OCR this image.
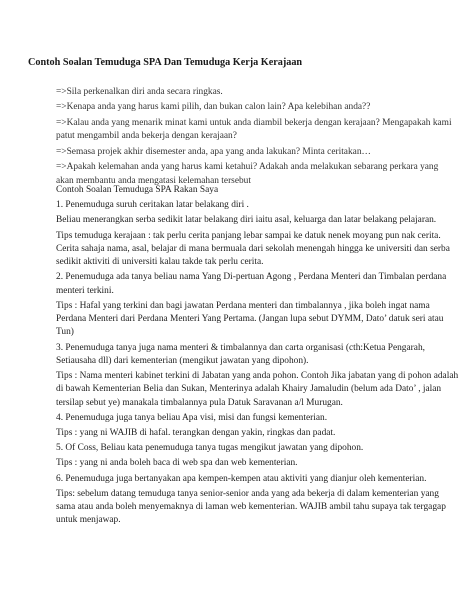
Contoh Soalan Temuduga SPA Dan Temuduga Kerja Kerajaan
=>Sila perkenalkan diri anda secara ringkas.
=>Kenapa anda yang harus kami pilih, dan bukan calon lain? Apa kelebihan anda??
=>Kalau anda yang menarik minat kami untuk anda diambil bekerja dengan kerajaan? Mengapakah kami patut mengambil anda bekerja dengan kerajaan?
=>Semasa projek akhir disemester anda, apa yang anda lakukan? Minta ceritakan…
=>Apakah kelemahan anda yang harus kami ketahui? Adakah anda melakukan sebarang perkara yang akan membantu anda mengatasi kelemahan tersebut

Contoh Soalan Temuduga SPA Rakan Saya

1. Penemuduga suruh ceritakan latar belakang diri .

Beliau menerangkan serba sedikit latar belakang diri iaitu asal, keluarga dan latar belakang pelajaran.

Tips temuduga kerajaan : tak perlu cerita panjang lebar sampai ke datuk nenek moyang pun nak cerita. Cerita sahaja nama, asal, belajar di mana bermuala dari sekolah menengah hingga ke universiti dan serba sedikit aktiviti di universiti kalau takde tak perlu cerita.

2. Penemuduga ada tanya beliau nama Yang Di-pertuan Agong , Perdana Menteri dan Timbalan perdana menteri terkini.

Tips : Hafal yang terkini dan bagi jawatan Perdana menteri dan timbalannya , jika boleh ingat nama Perdana Menteri dari Perdana Menteri Yang Pertama. (Jangan lupa sebut DYMM, Dato’ datuk seri atau Tun)

3. Penemuduga tanya juga nama menteri & timbalannya dan carta organisasi (cth:Ketua Pengarah, Setiausaha dll) dari kementerian (mengikut jawatan yang dipohon).

Tips : Nama menteri kabinet terkini di Jabatan yang anda pohon. Contoh Jika jabatan yang di pohon adalah di bawah Kementerian Belia dan Sukan, Menterinya adalah Khairy Jamaludin (belum ada Dato’ , jalan tersilap sebut ye) manakala timbalannya pula Datuk Saravanan a/l Murugan.

4. Penemuduga juga tanya beliau Apa visi, misi dan fungsi kementerian.

Tips : yang ni WAJIB di hafal. terangkan dengan yakin, ringkas dan padat.

5. Of Coss, Beliau kata penemuduga tanya tugas mengikut jawatan yang dipohon.

Tips : yang ni anda boleh baca di web spa dan web kementerian.

6. Penemuduga juga bertanyakan apa kempen-kempen atau aktiviti yang dianjur oleh kementerian.

Tips: sebelum datang temuduga tanya senior-senior anda yang ada bekerja di dalam kementerian yang sama atau anda boleh menyemaknya di laman web kementerian. WAJIB ambil tahu supaya tak tergagap untuk menjawap.
